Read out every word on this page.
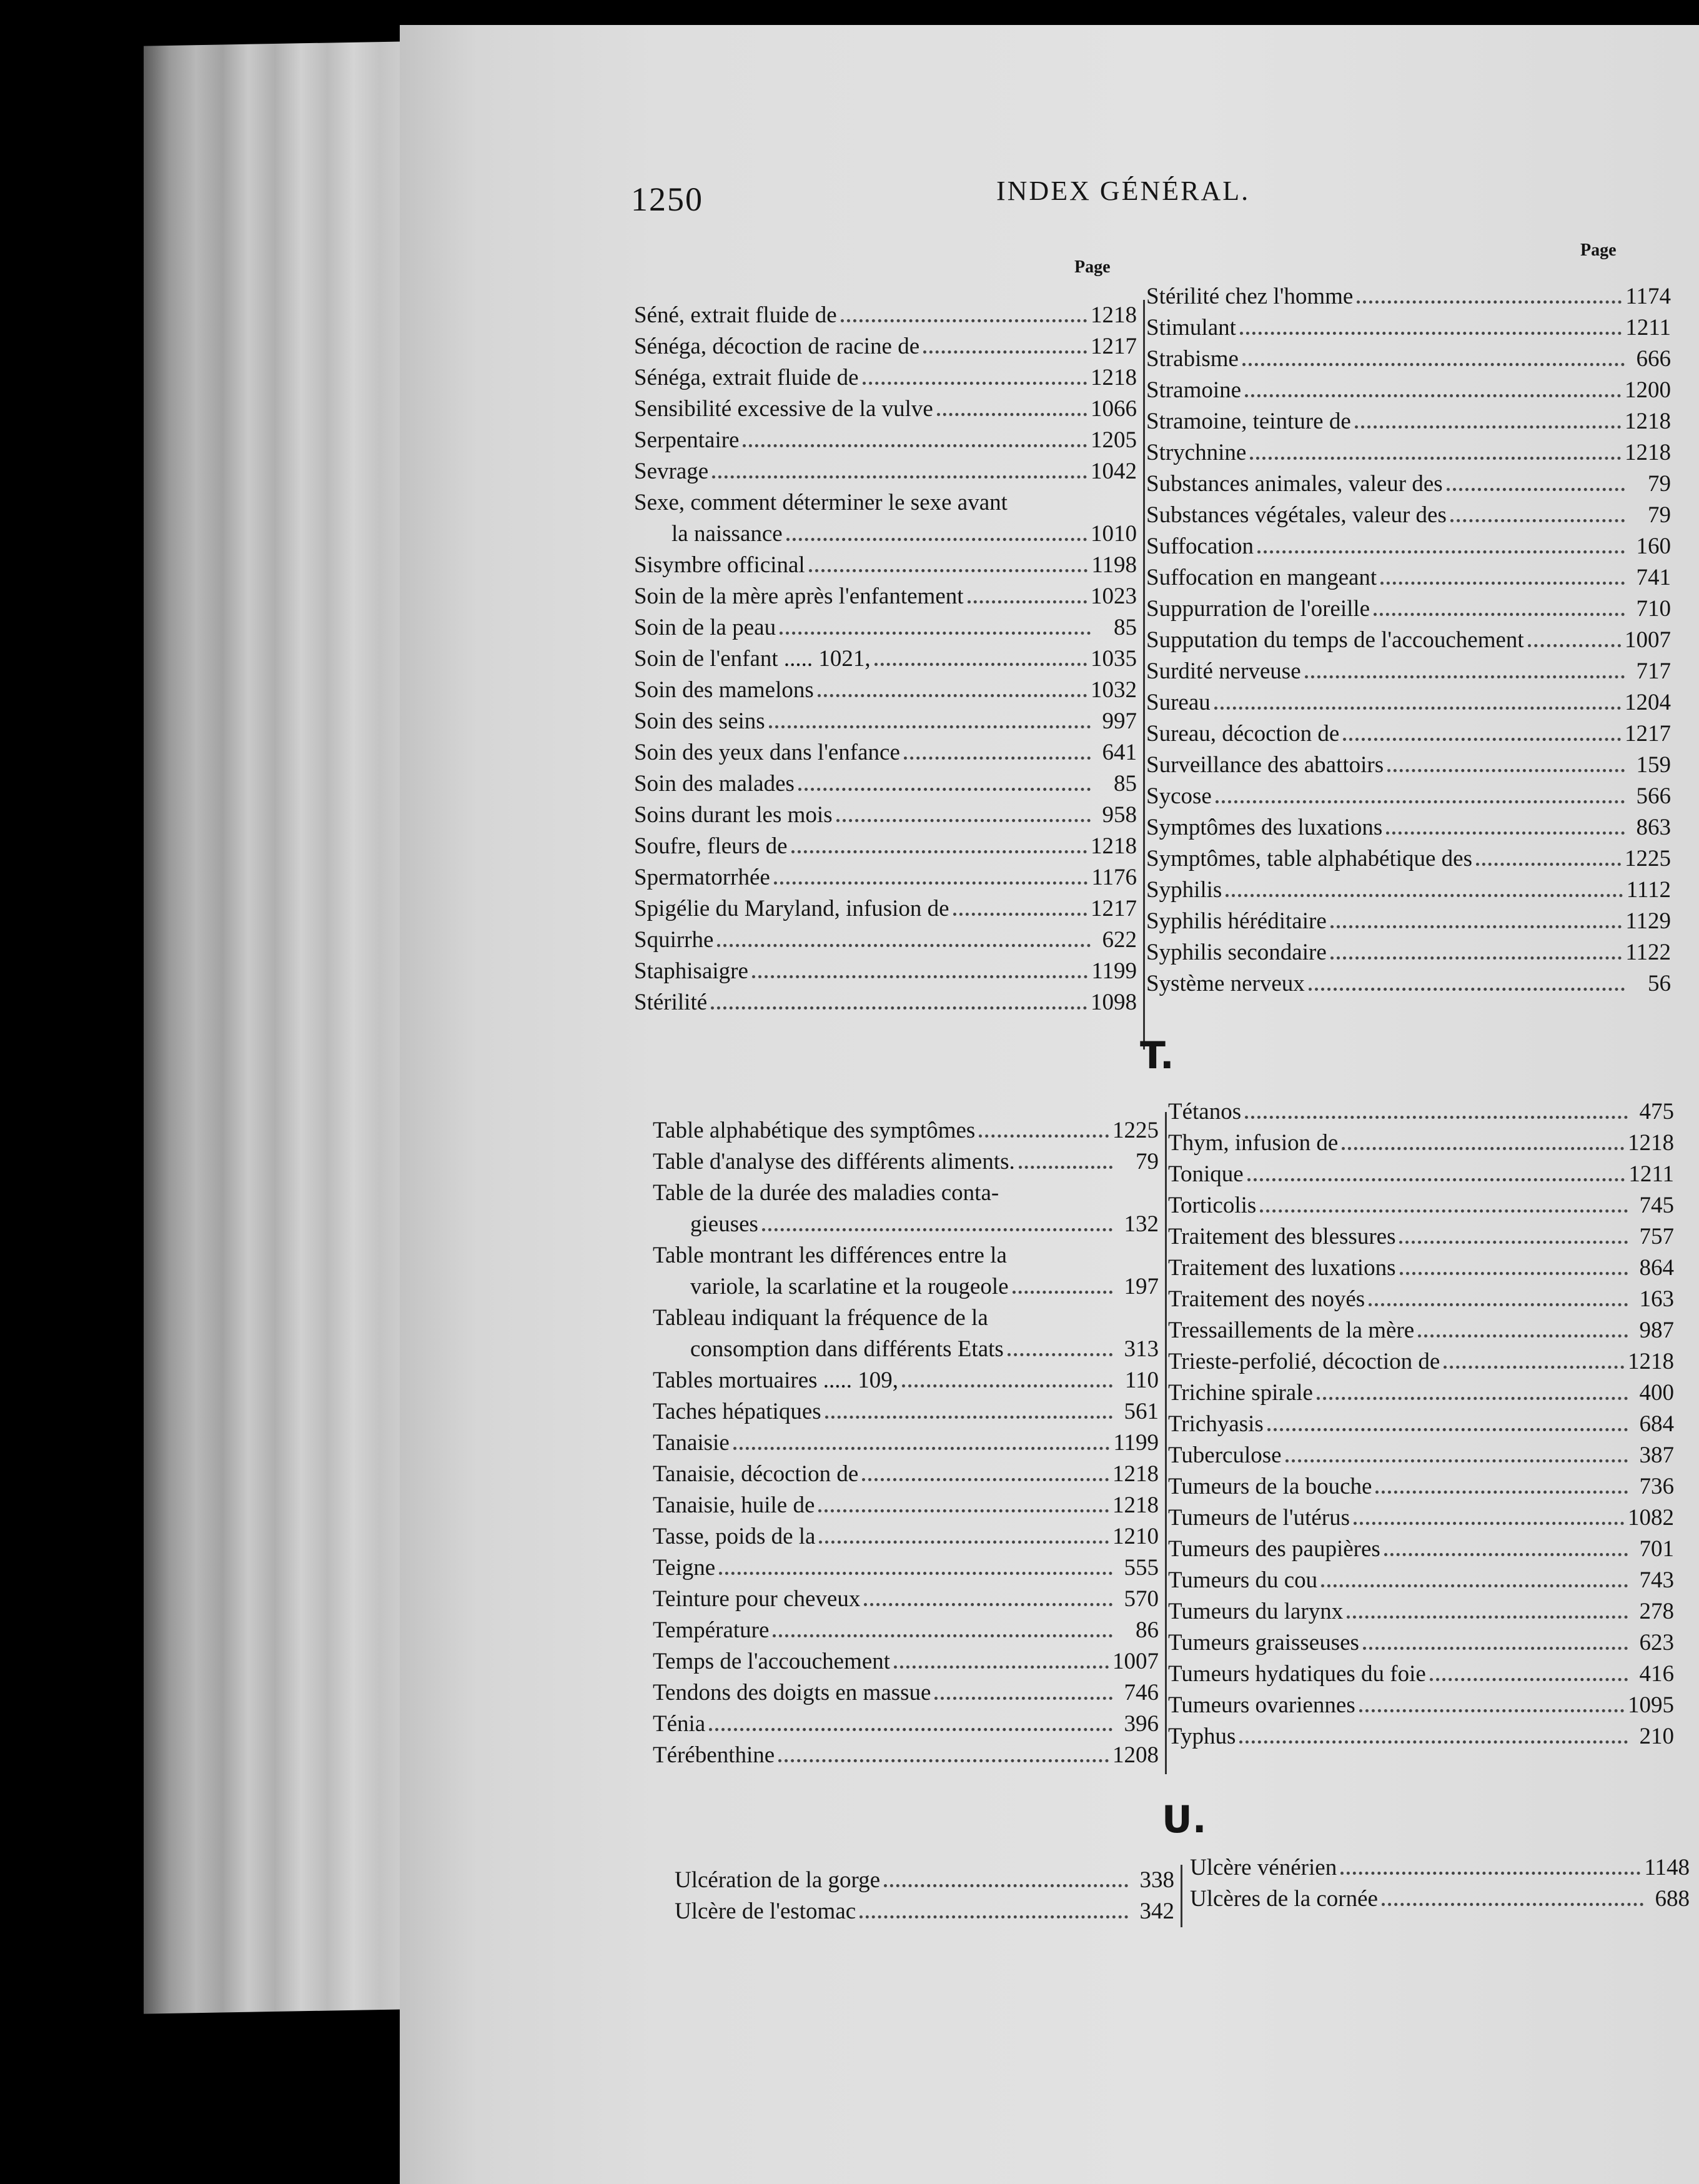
1250	INDEX GÉNÉRAL.
Page
Page
Séné, extrait fluide de	1218
Sénéga, décoction de racine de	1217
Sénéga, extrait fluide de	1218
Sensibilité excessive de la vulve	1066
Serpentaire	1205
Sevrage	1042
Sexe, comment déterminer le sexe avant
la naissance	1010
Sisymbre officinal	1198
Soin de la mère après l'enfantement	1023
Soin de la peau	85
Soin de l'enfant ..... 1021,	1035
Soin des mamelons	1032
Soin des seins	997
Soin des yeux dans l'enfance	641
Soin des malades	85
Soins durant les mois	958
Soufre, fleurs de	1218
Spermatorrhée	1176
Spigélie du Maryland, infusion de	1217
Squirrhe	622
Staphisaigre	1199
Stérilité	1098
Stérilité chez l'homme	1174
Stimulant	1211
Strabisme	666
Stramoine	1200
Stramoine, teinture de	1218
Strychnine	1218
Substances animales, valeur des	79
Substances végétales, valeur des	79
Suffocation	160
Suffocation en mangeant	741
Suppurration de l'oreille	710
Supputation du temps de l'accouchement	1007
Surdité nerveuse	717
Sureau	1204
Sureau, décoction de	1217
Surveillance des abattoirs	159
Sycose	566
Symptômes des luxations	863
Symptômes, table alphabétique des	1225
Syphilis	1112
Syphilis héréditaire	1129
Syphilis secondaire	1122
Système nerveux	56
T.
Table alphabétique des symptômes	1225
Table d'analyse des différents aliments.	79
Table de la durée des maladies conta-
gieuses	132
Table montrant les différences entre la
variole, la scarlatine et la rougeole	197
Tableau indiquant la fréquence de la
consomption dans différents Etats	313
Tables mortuaires ..... 109,	110
Taches hépatiques	561
Tanaisie	1199
Tanaisie, décoction de	1218
Tanaisie, huile de	1218
Tasse, poids de la	1210
Teigne	555
Teinture pour cheveux	570
Température	86
Temps de l'accouchement	1007
Tendons des doigts en massue	746
Ténia	396
Térébenthine	1208
Tétanos	475
Thym, infusion de	1218
Tonique	1211
Torticolis	745
Traitement des blessures	757
Traitement des luxations	864
Traitement des noyés	163
Tressaillements de la mère	987
Trieste-perfolié, décoction de	1218
Trichine spirale	400
Trichyasis	684
Tuberculose	387
Tumeurs de la bouche	736
Tumeurs de l'utérus	1082
Tumeurs des paupières	701
Tumeurs du cou	743
Tumeurs du larynx	278
Tumeurs graisseuses	623
Tumeurs hydatiques du foie	416
Tumeurs ovariennes	1095
Typhus	210
U.
Ulcération de la gorge	338
Ulcère de l'estomac	342
Ulcère vénérien	1148
Ulcères de la cornée	688
